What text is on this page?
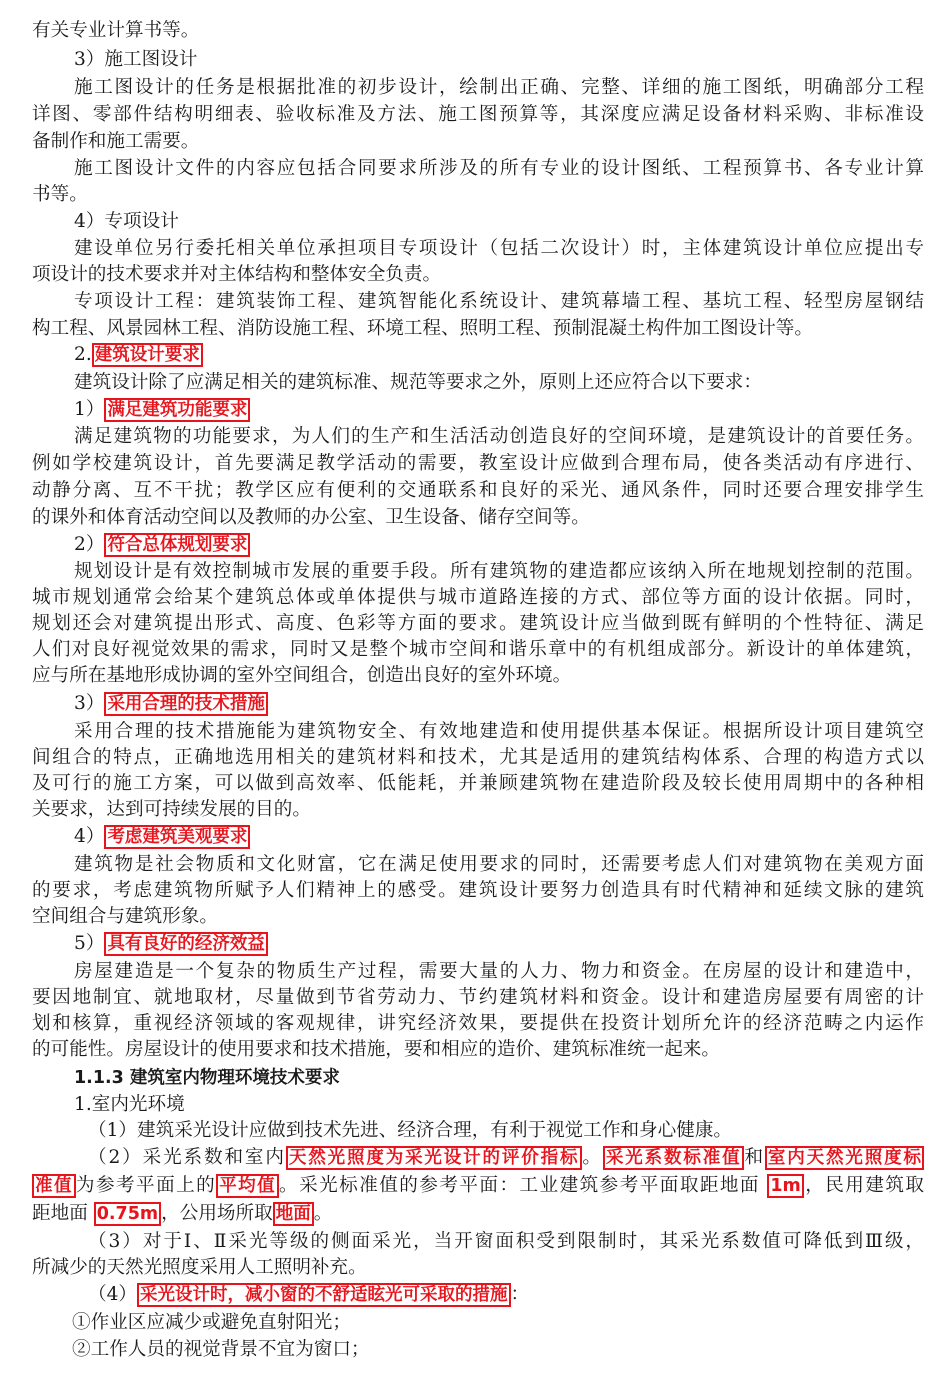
有关专业计算书等。
3）施工图设计
施工图设计的任务是根据批准的初步设计，绘制出正确、完整、详细的施工图纸，明确部分工程
详图、零部件结构明细表、验收标准及方法、施工图预算等，其深度应满足设备材料采购、非标准设
备制作和施工需要。
施工图设计文件的内容应包括合同要求所涉及的所有专业的设计图纸、工程预算书、各专业计算
书等。
4）专项设计
建设单位另行委托相关单位承担项目专项设计（包括二次设计）时，主体建筑设计单位应提出专
项设计的技术要求并对主体结构和整体安全负责。
专项设计工程：建筑装饰工程、建筑智能化系统设计、建筑幕墙工程、基坑工程、轻型房屋钢结
构工程、风景园林工程、消防设施工程、环境工程、照明工程、预制混凝土构件加工图设计等。
2. 建筑设计要求
建筑设计除了应满足相关的建筑标准、规范等要求之外，原则上还应符合以下要求：
1） 满足建筑功能要求
满足建筑物的功能要求，为人们的生产和生活活动创造良好的空间环境，是建筑设计的首要任务。
例如学校建筑设计，首先要满足教学活动的需要，教室设计应做到合理布局，使各类活动有序进行、
动静分离、互不干扰；教学区应有便利的交通联系和良好的采光、通风条件，同时还要合理安排学生
的课外和体育活动空间以及教师的办公室、卫生设备、储存空间等。
2） 符合总体规划要求
规划设计是有效控制城市发展的重要手段。所有建筑物的建造都应该纳入所在地规划控制的范围。
城市规划通常会给某个建筑总体或单体提供与城市道路连接的方式、部位等方面的设计依据。同时，
规划还会对建筑提出形式、高度、色彩等方面的要求。建筑设计应当做到既有鲜明的个性特征、满足
人们对良好视觉效果的需求，同时又是整个城市空间和谐乐章中的有机组成部分。新设计的单体建筑，
应与所在基地形成协调的室外空间组合，创造出良好的室外环境。
3） 采用合理的技术措施
采用合理的技术措施能为建筑物安全、有效地建造和使用提供基本保证。根据所设计项目建筑空
间组合的特点，正确地选用相关的建筑材料和技术，尤其是适用的建筑结构体系、合理的构造方式以
及可行的施工方案，可以做到高效率、低能耗，并兼顾建筑物在建造阶段及较长使用周期中的各种相
关要求，达到可持续发展的目的。
4） 考虑建筑美观要求
建筑物是社会物质和文化财富，它在满足使用要求的同时，还需要考虑人们对建筑物在美观方面
的要求，考虑建筑物所赋予人们精神上的感受。建筑设计要努力创造具有时代精神和延续文脉的建筑
空间组合与建筑形象。
5） 具有良好的经济效益
房屋建造是一个复杂的物质生产过程，需要大量的人力、物力和资金。在房屋的设计和建造中，
要因地制宜、就地取材，尽量做到节省劳动力、节约建筑材料和资金。设计和建造房屋要有周密的计
划和核算，重视经济领域的客观规律，讲究经济效果，要提供在投资计划所允许的经济范畴之内运作
的可能性。房屋设计的使用要求和技术措施，要和相应的造价、建筑标准统一起来。
1.1.3 建筑室内物理环境技术要求
1.室内光环境
（1）建筑采光设计应做到技术先进、经济合理，有利于视觉工作和身心健康。
（2）采光系数和室内 天然光照度为采光设计的评价指标 。 采光系数标准值 和 室内天然光照度标
准值 为参考平面上的 平均值 。采光标准值的参考平面：工业建筑参考平面取距地面 1m ，民用建筑取
距地面 0.75m ，公用场所取 地面 。
（3）对于Ⅰ、Ⅱ采光等级的侧面采光，当开窗面积受到限制时，其采光系数值可降低到Ⅲ级，
所减少的天然光照度采用人工照明补充。
（4） 采光设计时，减小窗的不舒适眩光可采取的措施 ：
①作业区应减少或避免直射阳光；
②工作人员的视觉背景不宜为窗口；
